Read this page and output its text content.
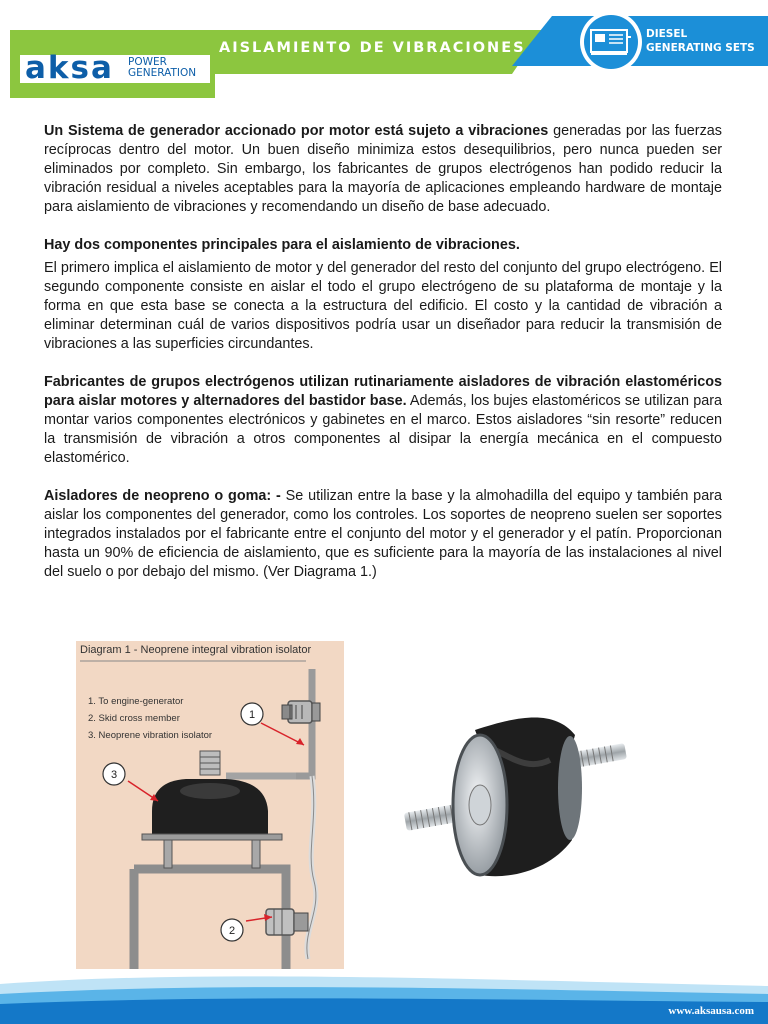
aksa POWER
GENERATION
AISLAMIENTO DE VIBRACIONES
DIESEL
GENERATING SETS

Un Sistema de generador accionado por motor está sujeto a vibraciones generadas por las fuerzas recíprocas dentro del motor. Un buen diseño minimiza estos desequilibrios, pero nunca pueden ser eliminados por completo. Sin embargo, los fabricantes de grupos electrógenos han podido reducir la vibración residual a niveles aceptables para la mayoría de aplicaciones empleando hardware de montaje para aislamiento de vibraciones y recomendando un diseño de base adecuado.

Hay dos componentes principales para el aislamiento de vibraciones.

El primero implica el aislamiento de motor y del generador del resto del conjunto del grupo electrógeno. El segundo componente consiste en aislar el todo el grupo electrógeno de su plataforma de montaje y la forma en que esta base se conecta a la estructura del edificio. El costo y la cantidad de vibración a eliminar determinan cuál de varios dispositivos podría usar un diseñador para reducir la transmisión de vibraciones a las superficies circundantes.

Fabricantes de grupos electrógenos utilizan rutinariamente aisladores de vibración elastoméricos para aislar motores y alternadores del bastidor base. Además, los bujes elastoméricos se utilizan para montar varios componentes electrónicos y gabinetes en el marco. Estos aisladores “sin resorte” reducen la transmisión de vibración a otros componentes al disipar la energía mecánica en el compuesto elastomérico.

Aisladores de neopreno o goma: - Se utilizan entre la base y la almohadilla del equipo y también para aislar los componentes del generador, como los controles. Los soportes de neopreno suelen ser soportes integrados instalados por el fabricante entre el conjunto del motor y el generador y el patín. Proporcionan hasta un 90% de eficiencia de aislamiento, que es suficiente para la mayoría de las instalaciones al nivel del suelo o por debajo del mismo. (Ver Diagrama 1.)

1
3
2
Diagram 1 - Neoprene integral vibration isolator
1. To engine-generator
2. Skid cross member
3. Neoprene vibration isolator
www.aksausa.com
